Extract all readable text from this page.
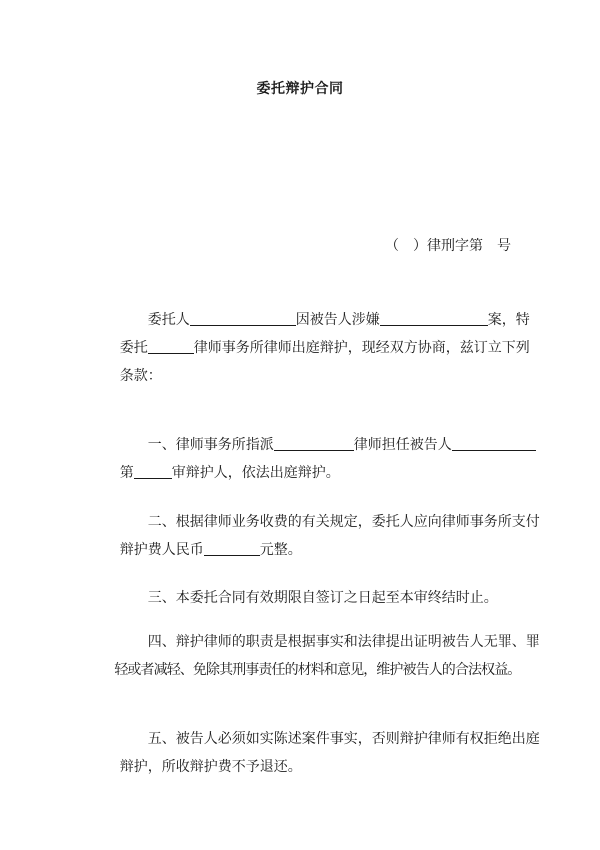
委托辩护合同
（　）律刑字第　号

委托人	因被告人涉嫌	案，特

委托	律师事务所律师出庭辩护，现经双方协商，兹订立下列

条款：

一、律师事务所指派	律师担任被告人

第	审辩护人，依法出庭辩护。

二、根据律师业务收费的有关规定，委托人应向律师事务所支付

辩护费人民币	元整。

三、本委托合同有效期限自签订之日起至本审终结时止。

四、辩护律师的职责是根据事实和法律提出证明被告人无罪、罪

轻或者减轻、免除其刑事责任的材料和意见，维护被告人的合法权益。

五、被告人必须如实陈述案件事实，否则辩护律师有权拒绝出庭

辩护，所收辩护费不予退还。
